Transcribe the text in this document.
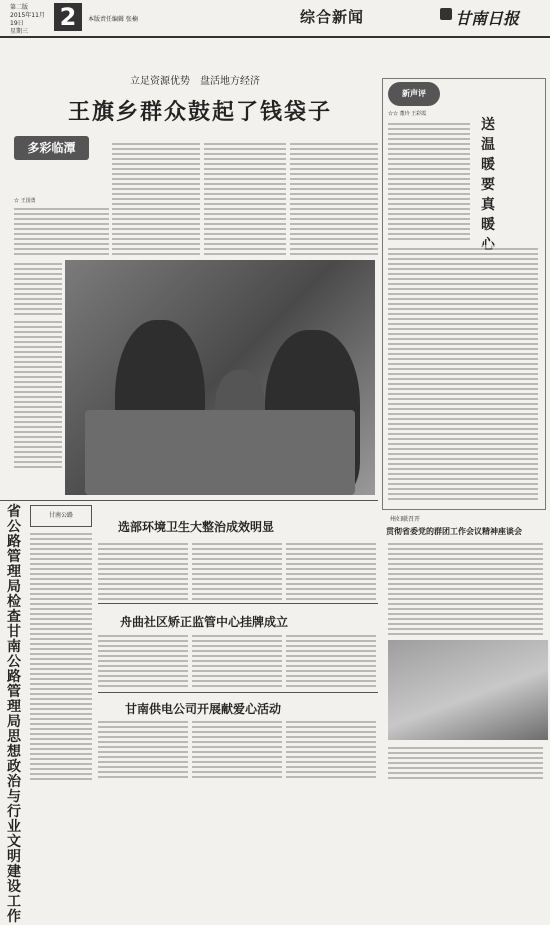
第二版
2015年11月19日
星期三
2	本版责任编辑 张楠	综合新闻	甘南日报
立足资源优势　盘活地方经济
王旗乡群众鼓起了钱袋子
多彩临潭
☆ 王国勇
省公路管理局检查甘南公路管理局思想政治与行业文明建设工作
甘南公路
选部环境卫生大整治成效明显
舟曲社区矫正监管中心挂牌成立
甘南供电公司开展献爱心活动
新声评
☆☆ 董玲 王彩霞
送温暖要真暖
州妇联召开
贯彻省委党的群团工作会议精神座谈会
